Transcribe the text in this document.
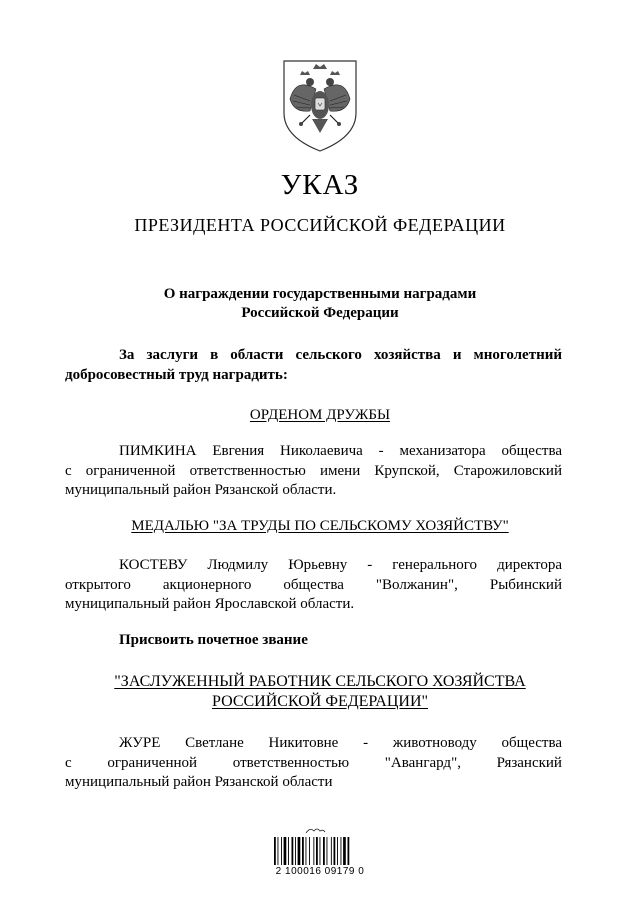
УКАЗ
ПРЕЗИДЕНТА РОССИЙСКОЙ ФЕДЕРАЦИИ
О награждении государственными наградами
Российской Федерации
За заслуги в области сельского хозяйства и многолетний
добросовестный труд наградить:
ОРДЕНОМ ДРУЖБЫ
ПИМКИНА Евгения Николаевича - механизатора общества
с ограниченной ответственностью имени Крупской, Старожиловский
муниципальный район Рязанской области.
МЕДАЛЬЮ "ЗА ТРУДЫ ПО СЕЛЬСКОМУ ХОЗЯЙСТВУ"
КОСТЕВУ Людмилу Юрьевну - генерального директора
открытого акционерного общества "Волжанин", Рыбинский
муниципальный район Ярославской области.
Присвоить почетное звание
"ЗАСЛУЖЕННЫЙ РАБОТНИК СЕЛЬСКОГО ХОЗЯЙСТВА
РОССИЙСКОЙ ФЕДЕРАЦИИ"
ЖУРЕ Светлане Никитовне - животноводу общества
с ограниченной ответственностью "Авангард", Рязанский
муниципальный район Рязанской области
2 100016 09179 0
